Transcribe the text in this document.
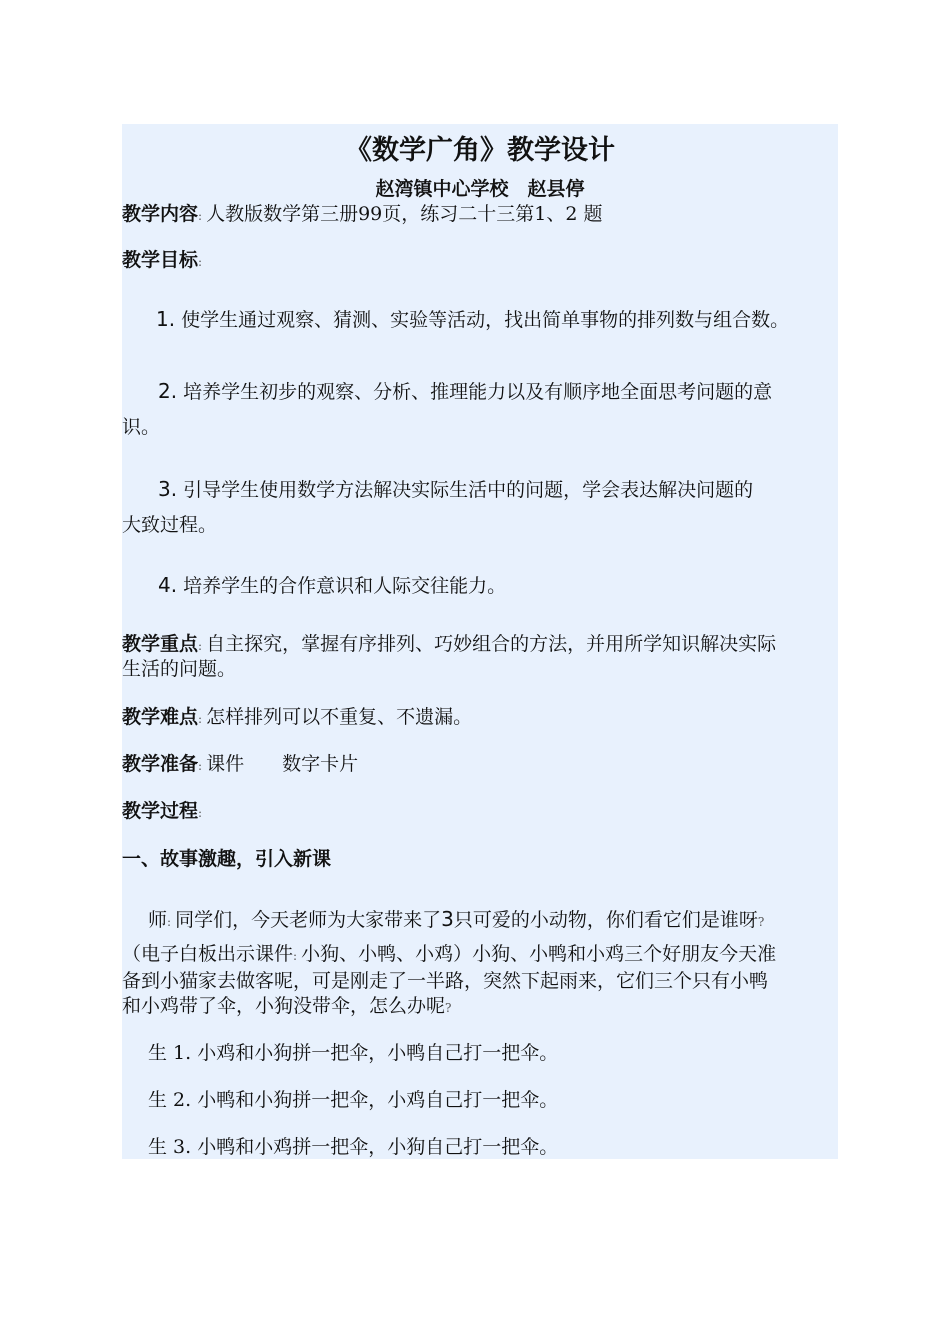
《数学广角》教学设计
赵湾镇中心学校　赵县停
教学内容: 人教版数学第三册99页，练习二十三第1、2 题
教学目标:
1. 使学生通过观察、猜测、实验等活动，找出简单事物的排列数与组合数。
2. 培养学生初步的观察、分析、推理能力以及有顺序地全面思考问题的意
识。
3. 引导学生使用数学方法解决实际生活中的问题，学会表达解决问题的
大致过程。
4. 培养学生的合作意识和人际交往能力。
教学重点: 自主探究，掌握有序排列、巧妙组合的方法，并用所学知识解决实际
生活的问题。
教学难点: 怎样排列可以不重复、不遗漏。
教学准备: 课件　　数字卡片
教学过程:
一、故事激趣，引入新课
师: 同学们，今天老师为大家带来了3只可爱的小动物，你们看它们是谁呀?
（电子白板出示课件: 小狗、小鸭、小鸡）小狗、小鸭和小鸡三个好朋友今天准
备到小猫家去做客呢，可是刚走了一半路，突然下起雨来，它们三个只有小鸭
和小鸡带了伞，小狗没带伞，怎么办呢?
生 1. 小鸡和小狗拼一把伞，小鸭自己打一把伞。
生 2. 小鸭和小狗拼一把伞，小鸡自己打一把伞。
生 3. 小鸭和小鸡拼一把伞，小狗自己打一把伞。
